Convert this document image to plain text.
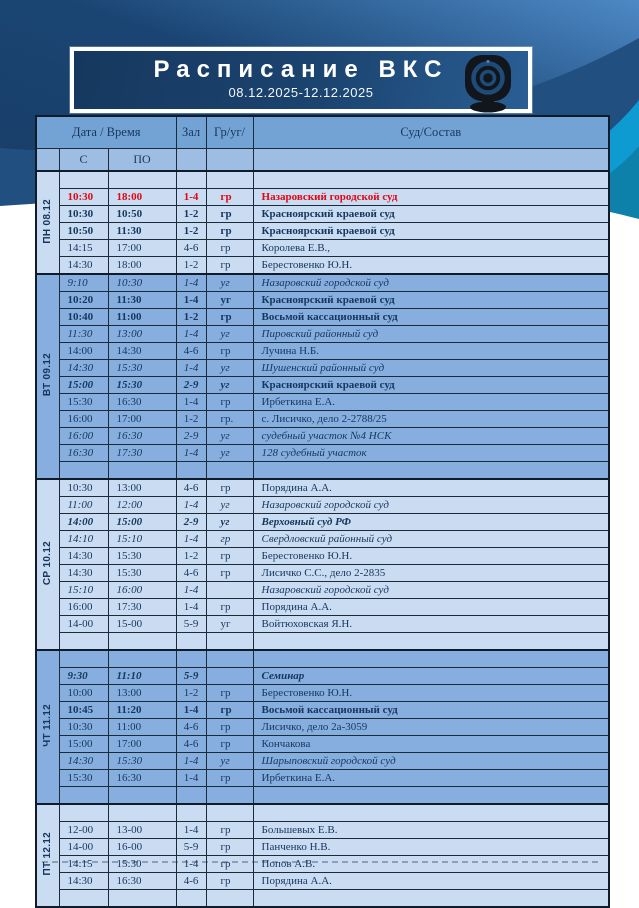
Расписание ВКС
08.12.2025-12.12.2025
Дата / Время			Зал	Гр/уг/	Суд/Состав
	С	ПО			
ПН 08.12					
	10:30	18:00	1-4	гр	Назаровский городской суд
	10:30	10:50	1-2	гр	Красноярский краевой суд
	10:50	11:30	1-2	гр	Красноярский краевой суд
	14:15	17:00	4-6	гр	Королева Е.В.,
	14:30	18:00	1-2	гр	Берестовенко Ю.Н.
ВТ 09.12	9:10	10:30	1-4	уг	Назаровский городской суд
	10:20	11:30	1-4	уг	Красноярский краевой суд
	10:40	11:00	1-2	гр	Восьмой кассационный суд
	11:30	13:00	1-4	уг	Пировский районный суд
	14:00	14:30	4-6	гр	Лучина Н.Б.
	14:30	15:30	1-4	уг	Шушенский районный суд
	15:00	15:30	2-9	уг	Красноярский краевой суд
	15:30	16:30	1-4	гр	Ирбеткина Е.А.
	16:00	17:00	1-2	гр.	с. Лисичко, дело 2-2788/25
	16:00	16:30	2-9	уг	судебный участок №4 НСК
	16:30	17:30	1-4	уг	128 судебный участок

СР 10.12	10:30	13:00	4-6	гр	Порядина А.А.
	11:00	12:00	1-4	уг	Назаровский городской суд
	14:00	15:00	2-9	уг	Верховный суд РФ
	14:10	15:10	1-4	гр	Свердловский районный суд
	14:30	15:30	1-2	гр	Берестовенко Ю.Н.
	14:30	15:30	4-6	гр	Лисичко С.С., дело 2-2835
	15:10	16:00	1-4		Назаровский городской суд
	16:00	17:30	1-4	гр	Порядина А.А.
	14-00	15-00	5-9	уг	Войтюховская Я.Н.

ЧТ 11.12					
	9:30	11:10	5-9		Семинар
	10:00	13:00	1-2	гр	Берестовенко Ю.Н.
	10:45	11:20	1-4	гр	Восьмой кассационный суд
	10:30	11:00	4-6	гр	Лисичко, дело 2а-3059
	15:00	17:00	4-6	гр	Кончакова
	14:30	15:30	1-4	уг	Шарыповский городской суд
	15:30	16:30	1-4	гр	Ирбеткина Е.А.

ПТ 12.12					
	12-00	13-00	1-4	гр	Большевых Е.В.
	14-00	16-00	5-9	гр	Панченко Н.В.
	14:15	15:30	1-4	гр	Попов А.В.
	14:30	16:30	4-6	гр	Порядина А.А.
